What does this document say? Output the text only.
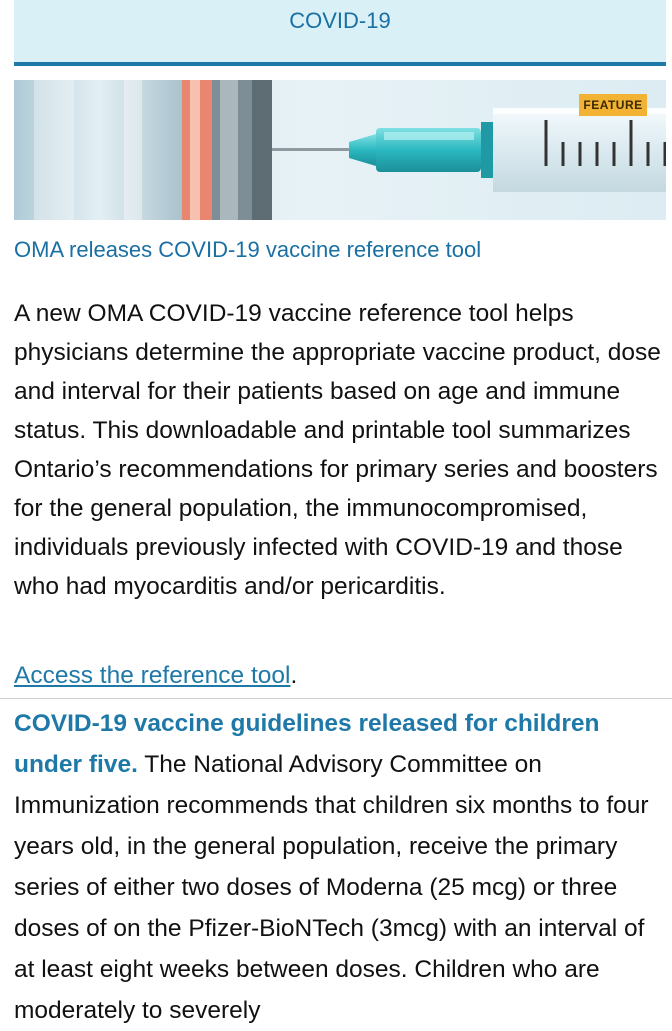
COVID-19
FEATURE
OMA releases COVID-19 vaccine reference tool

A new OMA COVID-19 vaccine reference tool helps physicians determine the appropriate vaccine product, dose and interval for their patients based on age and immune status. This downloadable and printable tool summarizes Ontario’s recommendations for primary series and boosters for the general population, the immunocompromised, individuals previously infected with COVID-19 and those who had myocarditis and/or pericarditis.

Access the reference tool.

COVID-19 vaccine guidelines released for children under five. The National Advisory Committee on Immunization recommends that children six months to four years old, in the general population, receive the primary series of either two doses of Moderna (25 mcg) or three doses of on the Pfizer-BioNTech (3mcg) with an interval of at least eight weeks between doses. Children who are moderately to severely
